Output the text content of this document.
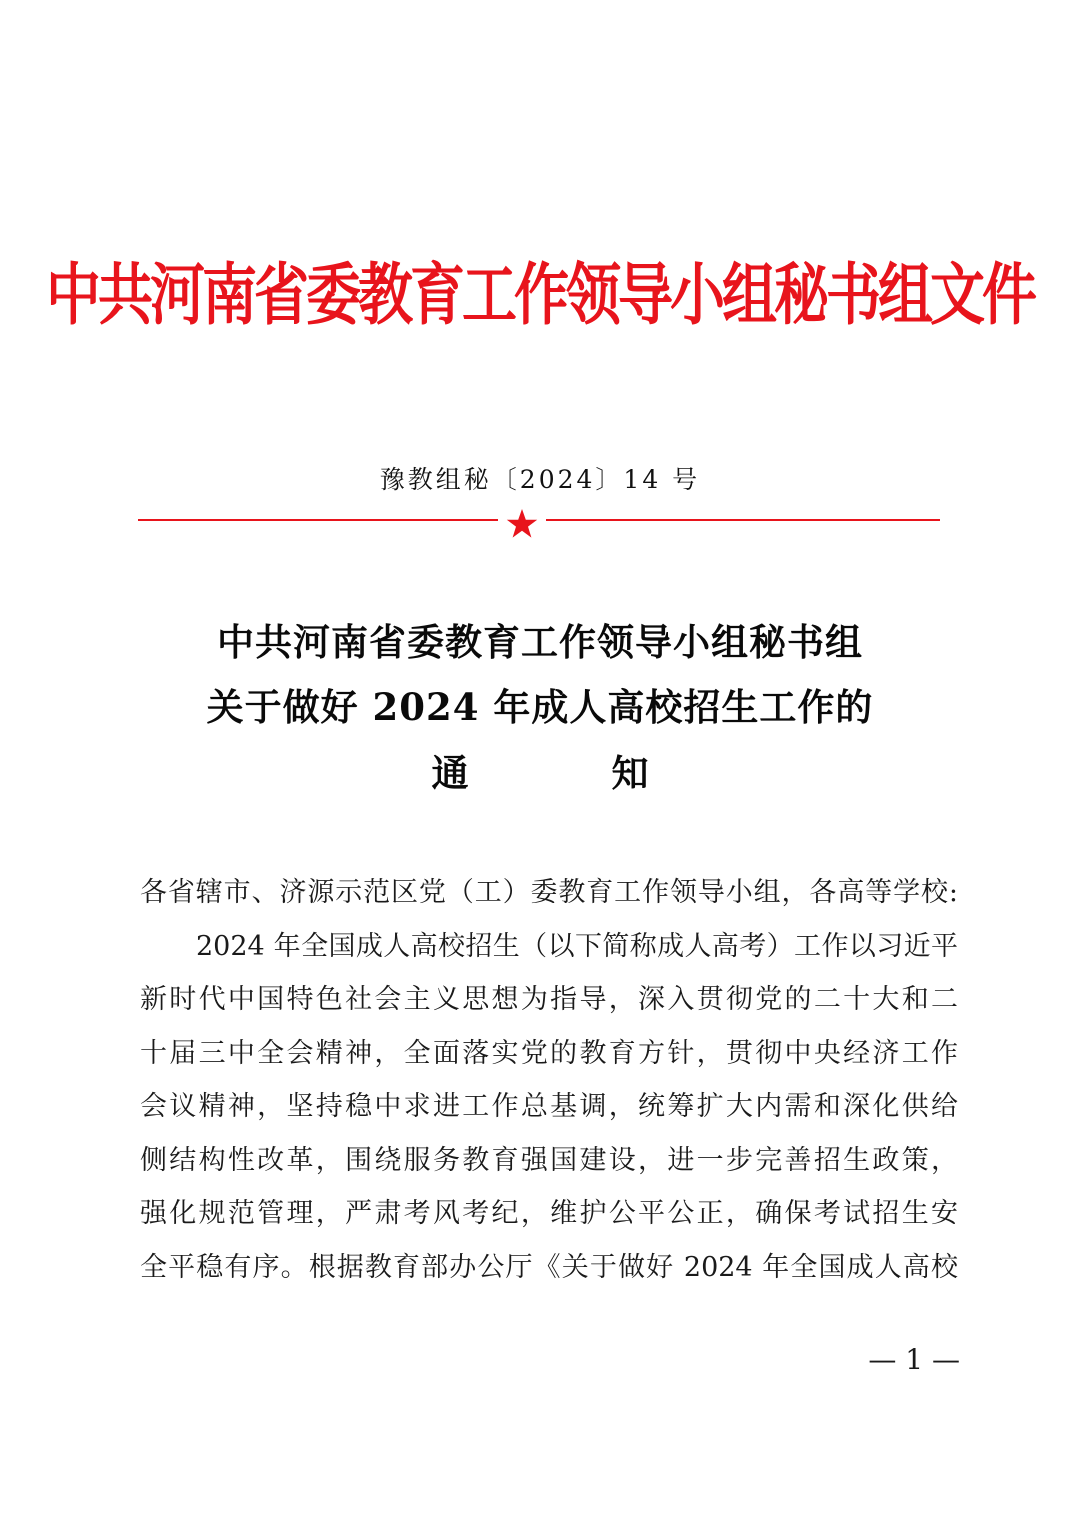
中共河南省委教育工作领导小组秘书组文件
豫教组秘〔2024〕14 号
中共河南省委教育工作领导小组秘书组
关于做好 2024 年成人高校招生工作的
通	知
各省辖市、济源示范区党（工）委教育工作领导小组，各高等学校:
2024 年全国成人高校招生（以下简称成人高考）工作以习近平
新时代中国特色社会主义思想为指导，深入贯彻党的二十大和二
十届三中全会精神，全面落实党的教育方针，贯彻中央经济工作
会议精神，坚持稳中求进工作总基调，统筹扩大内需和深化供给
侧结构性改革，围绕服务教育强国建设，进一步完善招生政策，
强化规范管理，严肃考风考纪，维护公平公正，确保考试招生安
全平稳有序。根据教育部办公厅《关于做好 2024 年全国成人高校
— 1 —
